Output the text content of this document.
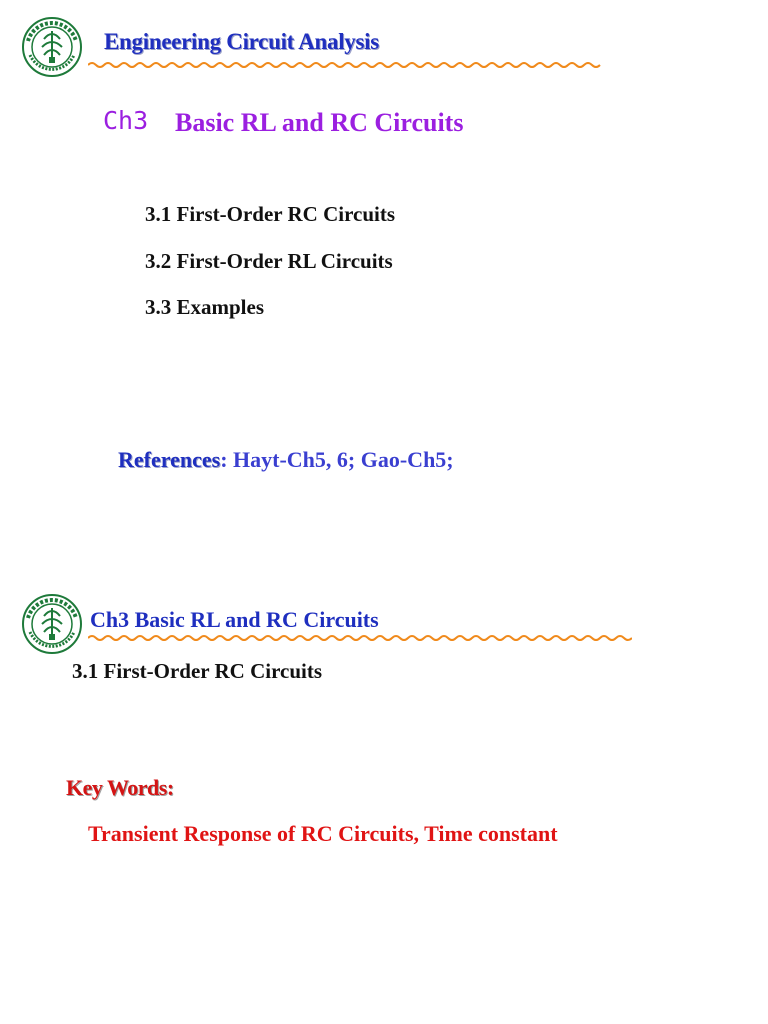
Engineering Circuit Analysis
Ch3 Basic RL and RC Circuits
3.1 First-Order RC Circuits
3.2 First-Order RL Circuits
3.3 Examples
References: Hayt-Ch5, 6; Gao-Ch5;
Ch3 Basic RL and RC Circuits
3.1 First-Order RC Circuits
Key Words:
Transient Response of RC Circuits, Time constant
